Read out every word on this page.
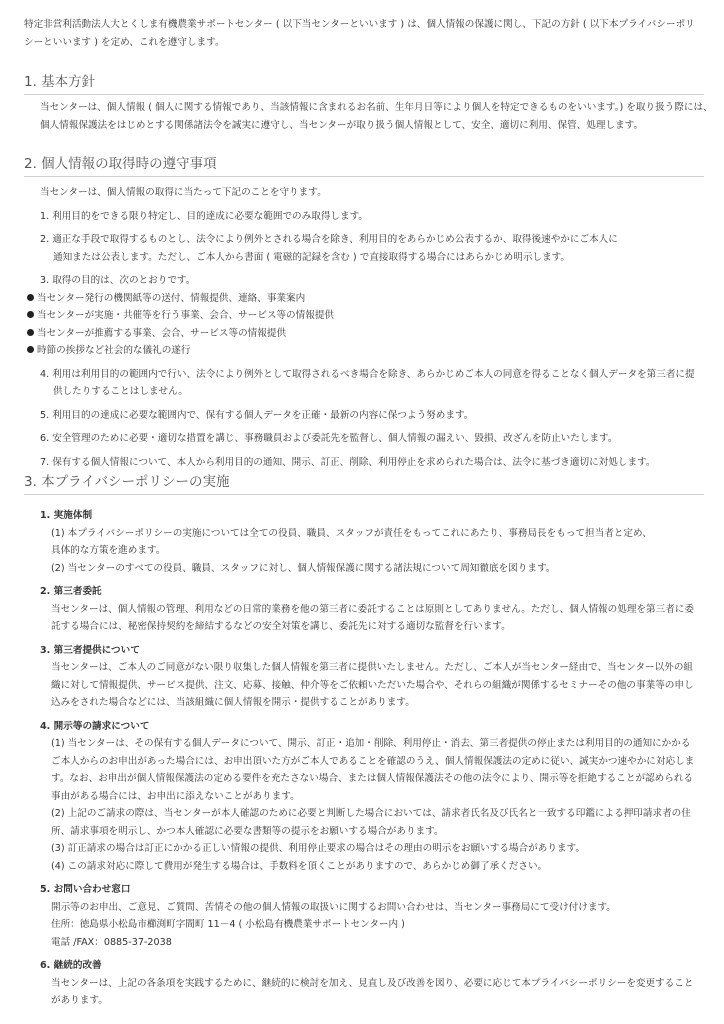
特定非営利活動法人大とくしま有機農業サポートセンター ( 以下当センターといいます ) は、個人情報の保護に関し、下記の方針 ( 以下本プライバシーポリ
シーといいます ) を定め、これを遵守します。
1. 基本方針
当センターは、個人情報 ( 個人に関する情報であり、当該情報に含まれるお名前、生年月日等により個人を特定できるものをいいます。) を取り扱う際には、
個人情報保護法をはじめとする関係諸法令を誠実に遵守し、当センターが取り扱う個人情報として、安全、適切に利用、保管、処理します。
2. 個人情報の取得時の遵守事項
当センターは、個人情報の取得に当たって下記のことを守ります。
1. 利用目的をできる限り特定し、目的達成に必要な範囲でのみ取得します。
2. 適正な手段で取得するものとし、法令により例外とされる場合を除き、利用目的をあらかじめ公表するか、取得後速やかにご本人に
通知または公表します。ただし、ご本人から書面 ( 電磁的記録を含む ) で直接取得する場合にはあらかじめ明示します。
3. 取得の目的は、次のとおりです。
当センター発行の機関紙等の送付、情報提供、連絡、事業案内
当センターが実施・共催等を行う事業、会合、サービス等の情報提供
当センターが推薦する事業、会合、サービス等の情報提供
時節の挨拶など社会的な儀礼の遂行
4. 利用は利用目的の範囲内で行い、法令により例外として取得されるべき場合を除き、あらかじめご本人の同意を得ることなく個人データを第三者に提
供したりすることはしません。
5. 利用目的の達成に必要な範囲内で、保有する個人データを正確・最新の内容に保つよう努めます。
6. 安全管理のために必要・適切な措置を講じ、事務職員および委託先を監督し、個人情報の漏えい、毀損、改ざんを防止いたします。
7. 保有する個人情報について、本人から利用目的の通知、開示、訂正、削除、利用停止を求められた場合は、法令に基づき適切に対処します。
3. 本プライバシーポリシーの実施
1. 実施体制
(1) 本プライバシーポリシーの実施については全ての役員、職員、スタッフが責任をもってこれにあたり、事務局長をもって担当者と定め、
具体的な方策を進めます。
(2) 当センターのすべての役員、職員、スタッフに対し、個人情報保護に関する諸法規について周知徹底を図ります。
2. 第三者委託
当センターは、個人情報の管理、利用などの日常的業務を他の第三者に委託することは原則としてありません。ただし、個人情報の処理を第三者に委
託する場合には、秘密保持契約を締結するなどの安全対策を講じ、委託先に対する適切な監督を行います。
3. 第三者提供について
当センターは、ご本人のご同意がない限り収集した個人情報を第三者に提供いたしません。ただし、ご本人が当センター経由で、当センター以外の組
織に対して情報提供、サービス提供、注文、応募、接触、仲介等をご依頼いただいた場合や、それらの組織が関係するセミナーその他の事業等の申し
込みをされた場合などには、当該組織に個人情報を開示・提供することがあります。
4. 開示等の請求について
(1) 当センターは、その保有する個人データについて、開示、訂正・追加・削除、利用停止・消去、第三者提供の停止または利用目的の通知にかかる
ご本人からのお申出があった場合には、お申出頂いた方がご本人であることを確認のうえ、個人情報保護法の定めに従い、誠実かつ速やかに対応しま
す。なお、お申出が個人情報保護法の定める要件を充たさない場合、または個人情報保護法その他の法令により、開示等を拒絶することが認められる
事由がある場合には、お申出に添えないことがあります。
(2) 上記のご請求の際は、当センターが本人確認のために必要と判断した場合においては、請求者氏名及び氏名と一致する印鑑による押印請求者の住
所、請求事項を明示し、かつ本人確認に必要な書類等の提示をお願いする場合があります。
(3) 訂正請求の場合は訂正にかかる正しい情報の提供、利用停止要求の場合はその理由の明示をお願いする場合があります。
(4) この請求対応に際して費用が発生する場合は、手数料を頂くことがありますので、あらかじめ御了承ください。
5. お問い合わせ窓口
開示等のお申出、ご意見、ご質問、苦情その他の個人情報の取扱いに関するお問い合わせは、当センター事務局にて受け付けます。
住所：徳島県小松島市櫛渕町字間町 11－4 ( 小松島有機農業サポートセンター内 )
電話 /FAX：0885-37-2038
6. 継続的改善
当センターは、上記の各条項を実践するために、継続的に検討を加え、見直し及び改善を図り、必要に応じて本プライバシーポリシーを変更すること
があります。
